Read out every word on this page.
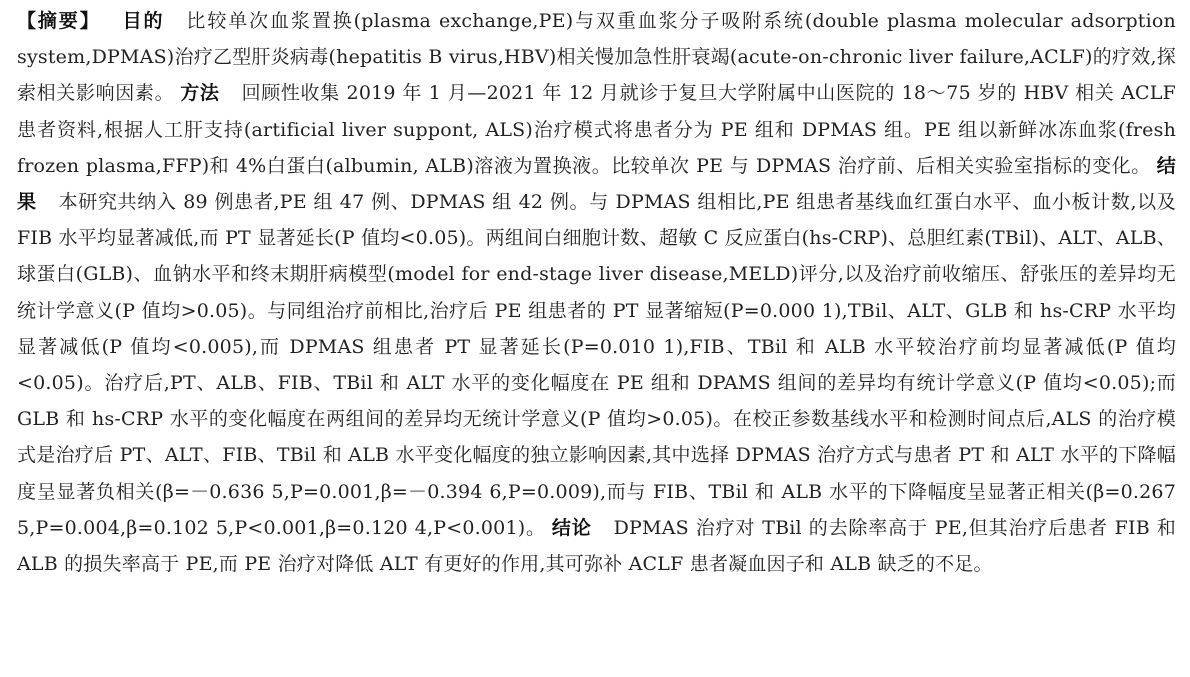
【摘要】 目的 比较单次血浆置换(plasma exchange,PE)与双重血浆分子吸附系统(double plasma molecular adsorption system,DPMAS)治疗乙型肝炎病毒(hepatitis B virus,HBV)相关慢加急性肝衰竭(acute-on-chronic liver failure,ACLF)的疗效,探索相关影响因素。 方法 回顾性收集 2019 年 1 月—2021 年 12 月就诊于复旦大学附属中山医院的 18～75 岁的 HBV 相关 ACLF 患者资料,根据人工肝支持(artificial liver suppont, ALS)治疗模式将患者分为 PE 组和 DPMAS 组。PE 组以新鲜冰冻血浆(fresh frozen plasma,FFP)和 4%白蛋白(albumin, ALB)溶液为置换液。比较单次 PE 与 DPMAS 治疗前、后相关实验室指标的变化。 结果 本研究共纳入 89 例患者,PE 组 47 例、DPMAS 组 42 例。与 DPMAS 组相比,PE 组患者基线血红蛋白水平、血小板计数,以及 FIB 水平均显著减低,而 PT 显著延长(P 值均<0.05)。两组间白细胞计数、超敏 C 反应蛋白(hs-CRP)、总胆红素(TBil)、ALT、ALB、球蛋白(GLB)、血钠水平和终末期肝病模型(model for end-stage liver disease,MELD)评分,以及治疗前收缩压、舒张压的差异均无统计学意义(P 值均>0.05)。与同组治疗前相比,治疗后 PE 组患者的 PT 显著缩短(P=0.000 1),TBil、ALT、GLB 和 hs-CRP 水平均显著减低(P 值均<0.005),而 DPMAS 组患者 PT 显著延长(P=0.010 1),FIB、TBil 和 ALB 水平较治疗前均显著减低(P 值均<0.05)。治疗后,PT、ALB、FIB、TBil 和 ALT 水平的变化幅度在 PE 组和 DPAMS 组间的差异均有统计学意义(P 值均<0.05);而 GLB 和 hs-CRP 水平的变化幅度在两组间的差异均无统计学意义(P 值均>0.05)。在校正参数基线水平和检测时间点后,ALS 的治疗模式是治疗后 PT、ALT、FIB、TBil 和 ALB 水平变化幅度的独立影响因素,其中选择 DPMAS 治疗方式与患者 PT 和 ALT 水平的下降幅度呈显著负相关(β=－0.636 5,P=0.001,β=－0.394 6,P=0.009),而与 FIB、TBil 和 ALB 水平的下降幅度呈显著正相关(β=0.267 5,P=0.004,β=0.102 5,P<0.001,β=0.120 4,P<0.001)。 结论 DPMAS 治疗对 TBil 的去除率高于 PE,但其治疗后患者 FIB 和 ALB 的损失率高于 PE,而 PE 治疗对降低 ALT 有更好的作用,其可弥补 ACLF 患者凝血因子和 ALB 缺乏的不足。
